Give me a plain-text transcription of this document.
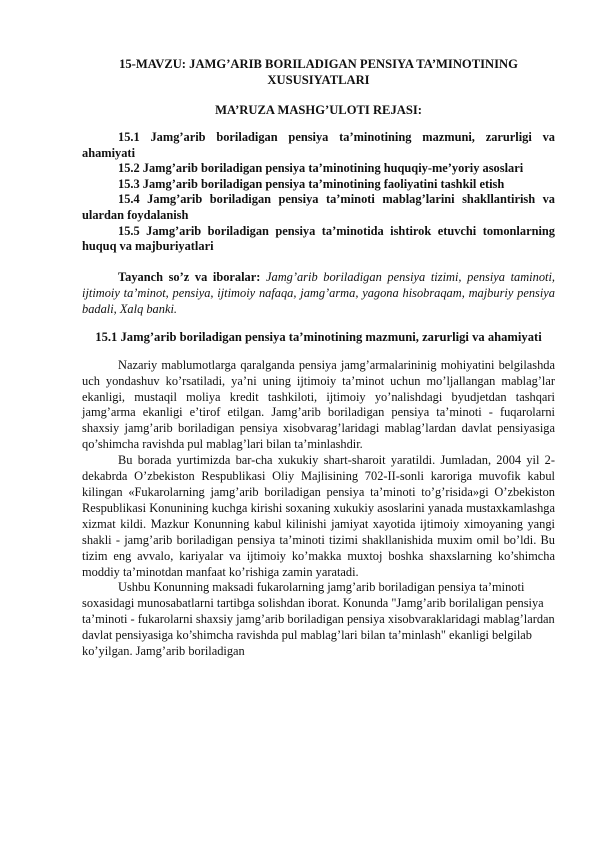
15-MAVZU: JAMG’ARIB BORILADIGAN PENSIYA TA’MINOTINING XUSUSIYATLARI

MA’RUZA MASHG’ULOTI REJASI:

15.1 Jamg’arib boriladigan pensiya ta’minotining mazmuni, zarurligi va ahamiyati

15.2 Jamg’arib boriladigan pensiya ta’minotining huquqiy-me’yoriy asoslari

15.3 Jamg’arib boriladigan pensiya ta’minotining faoliyatini tashkil etish

15.4 Jamg’arib boriladigan pensiya ta’minoti mablag’larini shakllantirish va ulardan foydalanish

15.5 Jamg’arib boriladigan pensiya ta’minotida ishtirok etuvchi tomonlarning huquq va majburiyatlari

Tayanch so’z va iboralar: Jamg’arib boriladigan pensiya tizimi, pensiya taminoti, ijtimoiy ta’minot, pensiya, ijtimoiy nafaqa, jamg’arma, yagona hisobraqam, majburiy pensiya badali, Xalq banki.

15.1 Jamg’arib boriladigan pensiya ta’minotining mazmuni, zarurligi va ahamiyati

Nazariy mablumotlarga qaralganda pensiya jamg’armalarininig mohiyatini belgilashda uch yondashuv ko’rsatiladi, ya’ni uning ijtimoiy ta’minot uchun mo’ljallangan mablag’lar ekanligi, mustaqil moliya kredit tashkiloti, ijtimoiy yo’nalishdagi byudjetdan tashqari jamg’arma ekanligi e’tirof etilgan. Jamg’arib boriladigan pensiya ta’minoti - fuqarolarni shaxsiy jamg’arib boriladigan pensiya xisobvarag’laridagi mablag’lardan davlat pensiyasiga qo’shimcha ravishda pul mablag’lari bilan ta’minlashdir.

Bu borada yurtimizda bar-cha xukukiy shart-sharoit yaratildi. Jumladan, 2004 yil 2-dekabrda O’zbekiston Respublikasi Oliy Majlisining 702-II-sonli karoriga muvofik kabul kilingan «Fukarolarning jamg’arib boriladigan pensiya ta’minoti to’g’risida»gi O’zbekiston Respublikasi Konunining kuchga kirishi soxaning xukukiy asoslarini yanada mustaxkamlashga xizmat kildi. Mazkur Konunning kabul kilinishi jamiyat xayotida ijtimoiy ximoyaning yangi shakli - jamg’arib boriladigan pensiya ta’minoti tizimi shakllanishida muxim omil bo’ldi. Bu tizim eng avvalo, kariyalar va ijtimoiy ko’makka muxtoj boshka shaxslarning ko’shimcha moddiy ta’minotdan manfaat ko’rishiga zamin yaratadi.

Ushbu Konunning maksadi fukarolarning jamg’arib boriladigan pensiya ta’minoti soxasidagi munosabatlarni tartibga solishdan iborat. Konunda "Jamg’arib borilaligan pensiya ta’minoti - fukarolarni shaxsiy jamg’arib boriladigan pensiya xisobvaraklaridagi mablag’lardan davlat pensiyasiga ko’shimcha ravishda pul mablag’lari bilan ta’minlash" ekanligi belgilab ko’yilgan. Jamg’arib boriladigan
